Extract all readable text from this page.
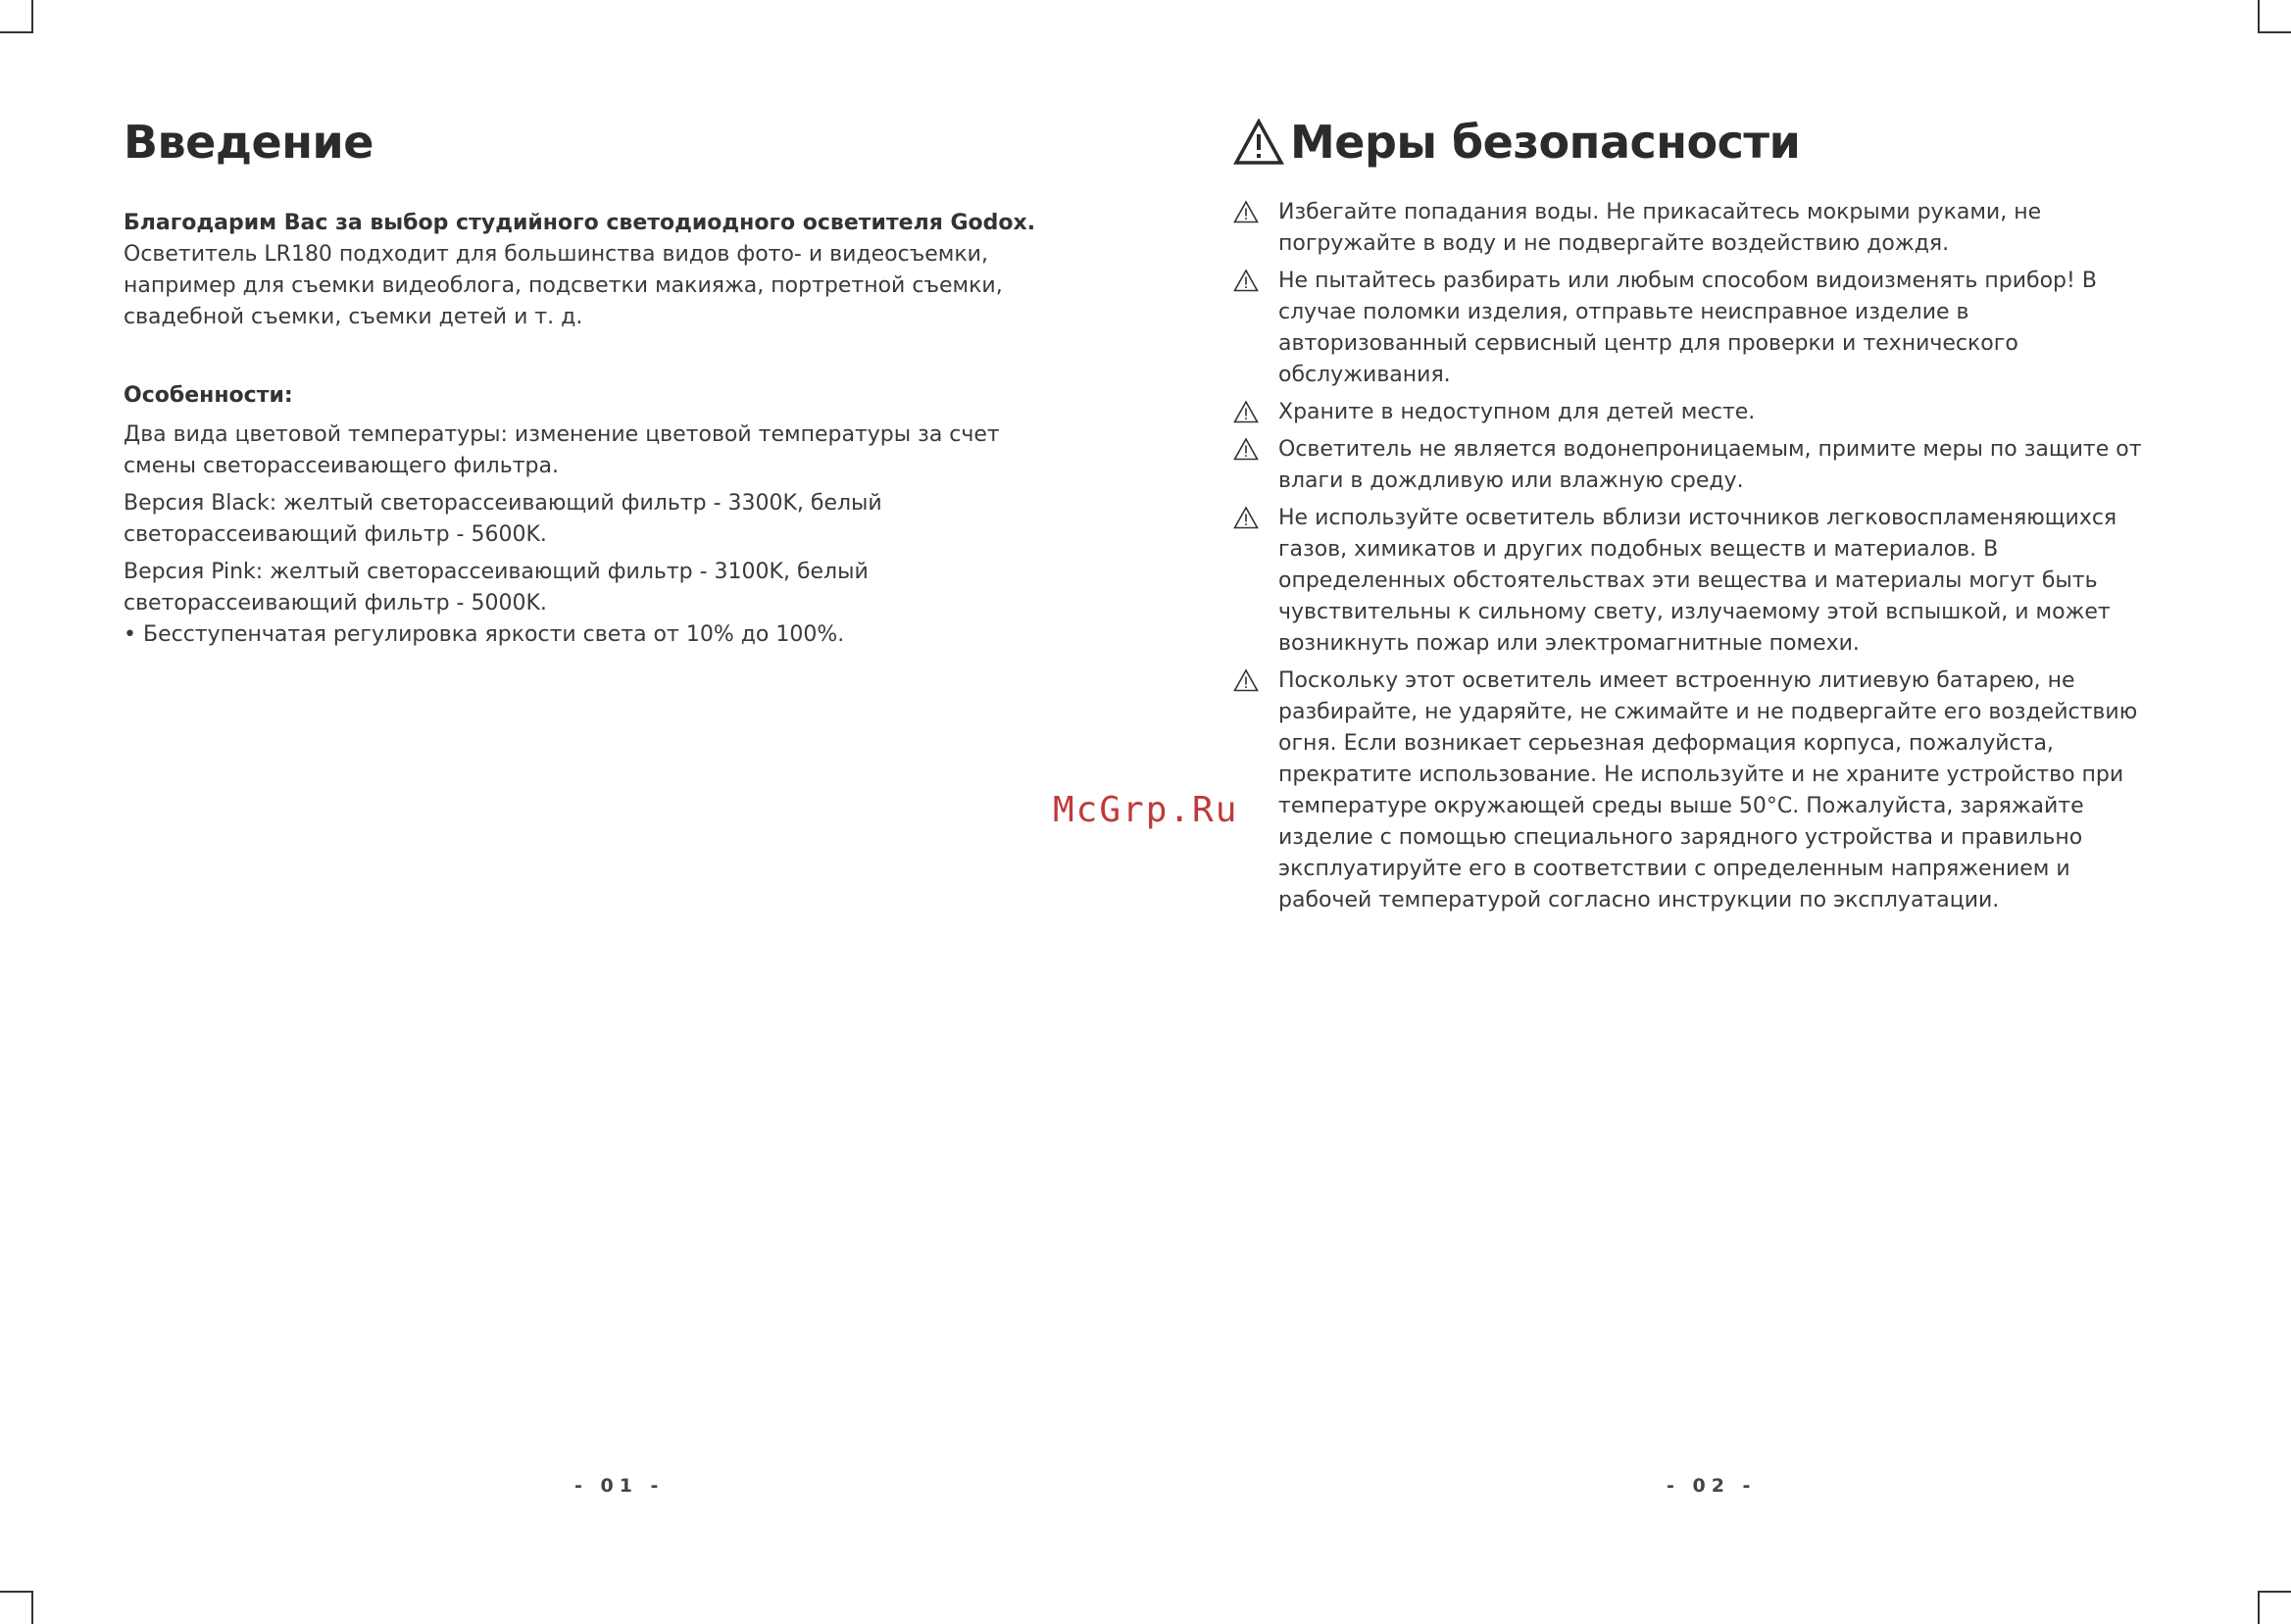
Введение
Благодарим Вас за выбор студийного светодиодного осветителя Godox.
Осветитель LR180 подходит для большинства видов фото- и видеосъемки, например для съемки видеоблога, подсветки макияжа, портретной съемки, свадебной съемки, съемки детей и т. д.
Особенности:
Два вида цветовой температуры: изменение цветовой температуры за счет смены светорассеивающего фильтра.
Версия Black: желтый светорассеивающий фильтр - 3300K, белый светорассеивающий фильтр - 5600K.
Версия Pink: желтый светорассеивающий фильтр - 3100K, белый светорассеивающий фильтр - 5000K.
• Бесступенчатая регулировка яркости света от 10% до 100%.
- 01 -
Меры безопасности
Избегайте попадания воды. Не прикасайтесь мокрыми руками, не погружайте в воду и не подвергайте воздействию дождя.
Не пытайтесь разбирать или любым способом видоизменять прибор! В случае поломки изделия, отправьте неисправное изделие в авторизованный сервисный центр для проверки и технического обслуживания.
Храните в недоступном для детей месте.
Осветитель не является водонепроницаемым, примите меры по защите от влаги в дождливую или влажную среду.
Не используйте осветитель вблизи источников легковоспламеняющихся газов, химикатов и других подобных веществ и материалов. В определенных обстоятельствах эти вещества и материалы могут быть чувствительны к сильному свету, излучаемому этой вспышкой, и может возникнуть пожар или электромагнитные помехи.
Поскольку этот осветитель имеет встроенную литиевую батарею, не разбирайте, не ударяйте, не сжимайте и не подвергайте его воздействию огня. Если возникает серьезная деформация корпуса, пожалуйста, прекратите использование. Не используйте и не храните устройство при температуре окружающей среды выше 50°C. Пожалуйста, заряжайте изделие с помощью специального зарядного устройства и правильно эксплуатируйте его в соответствии с определенным напряжением и рабочей температурой согласно инструкции по эксплуатации.
- 02 -
McGrp.Ru
